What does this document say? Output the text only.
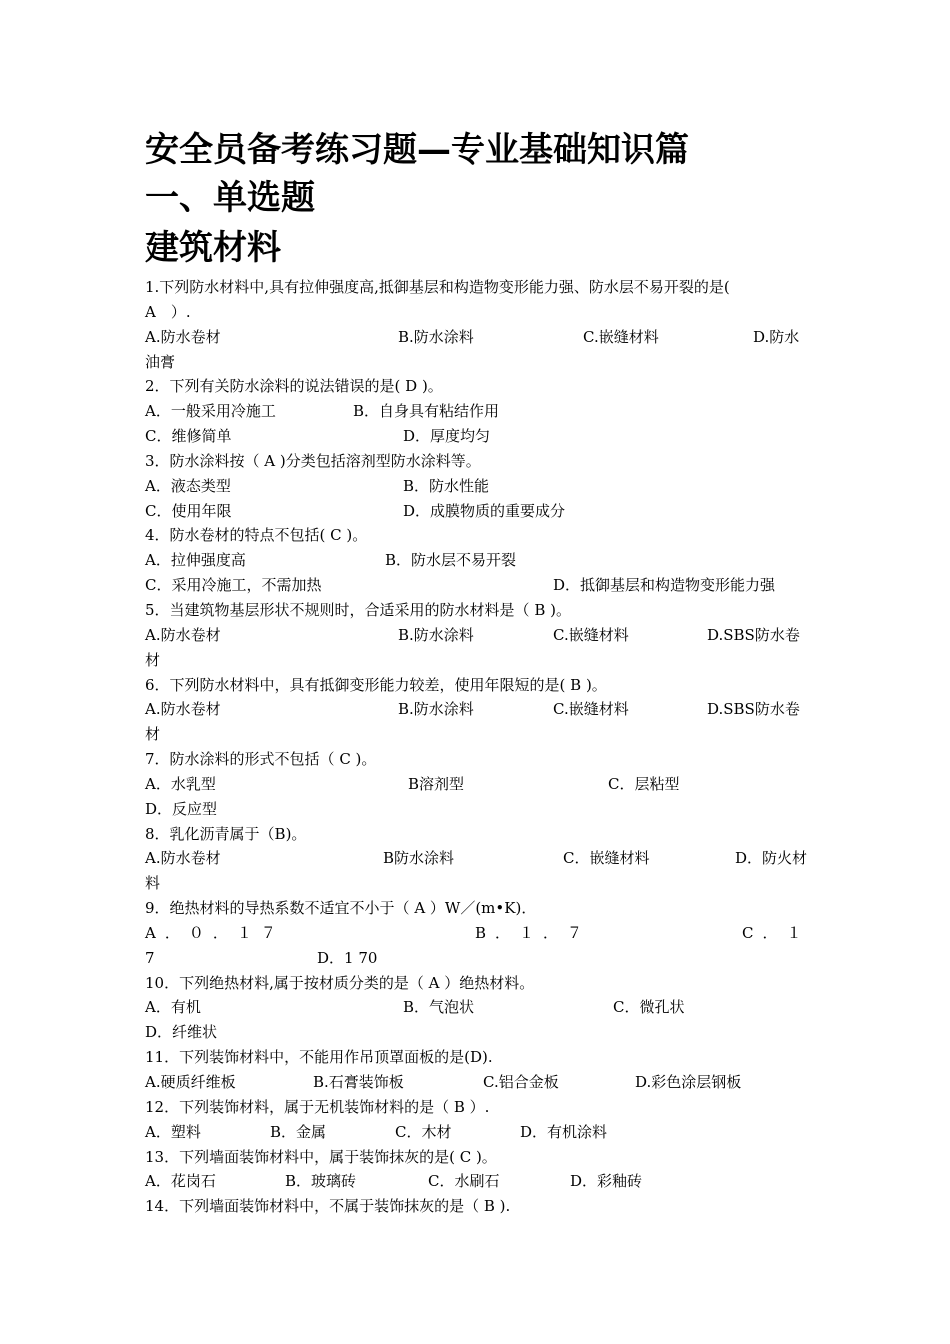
安全员备考练习题—专业基础知识篇
一、单选题
建筑材料
1.下列防水材料中,具有拉伸强度高,抵御基层和构造物变形能力强、防水层不易开裂的是(
A　）.
A.防水卷材	B.防水涂料	C.嵌缝材料	D.防水
油膏
2．下列有关防水涂料的说法错误的是( D )。
A．一般采用冷施工	B．自身具有粘结作用
C．维修简单	D．厚度均匀
3．防水涂料按（ A )分类包括溶剂型防水涂料等。
A．液态类型	B．防水性能
C．使用年限	D．成膜物质的重要成分
4．防水卷材的特点不包括( C )。
A．拉伸强度高	B．防水层不易开裂
C．采用冷施工，不需加热	D．抵御基层和构造物变形能力强
5．当建筑物基层形状不规则时，合适采用的防水材料是（ B )。
A.防水卷材	B.防水涂料	C.嵌缝材料	D.SBS防水卷
材
6．下列防水材料中，具有抵御变形能力较差，使用年限短的是( B )。
A.防水卷材	B.防水涂料	C.嵌缝材料	D.SBS防水卷
材
7．防水涂料的形式不包括（ C )。
A．水乳型	B溶剂型	C．层粘型
D．反应型
8．乳化沥青属于（B)。
A.防水卷材	B防水涂料	C．嵌缝材料	D．防火材
料
9．绝热材料的导热系数不适宜不小于（ A ）W／(m•K)．
A．０．１７	B．１．７	C．１
7	D．1 70
10．下列绝热材料,属于按材质分类的是（ A ）绝热材料。
A．有机	B．气泡状	C．微孔状
D．纤维状
11．下列装饰材料中，不能用作吊顶罩面板的是(D).
A.硬质纤维板	B.石膏装饰板	C.铝合金板	D.彩色涂层钢板
12．下列装饰材料，属于无机装饰材料的是（ B ）.
A．塑料	B．金属	C．木材	D．有机涂料
13．下列墙面装饰材料中，属于装饰抹灰的是( C )。
A．花岗石	B．玻璃砖	C．水刷石	D．彩釉砖
14．下列墙面装饰材料中，不属于装饰抹灰的是（ B ).
